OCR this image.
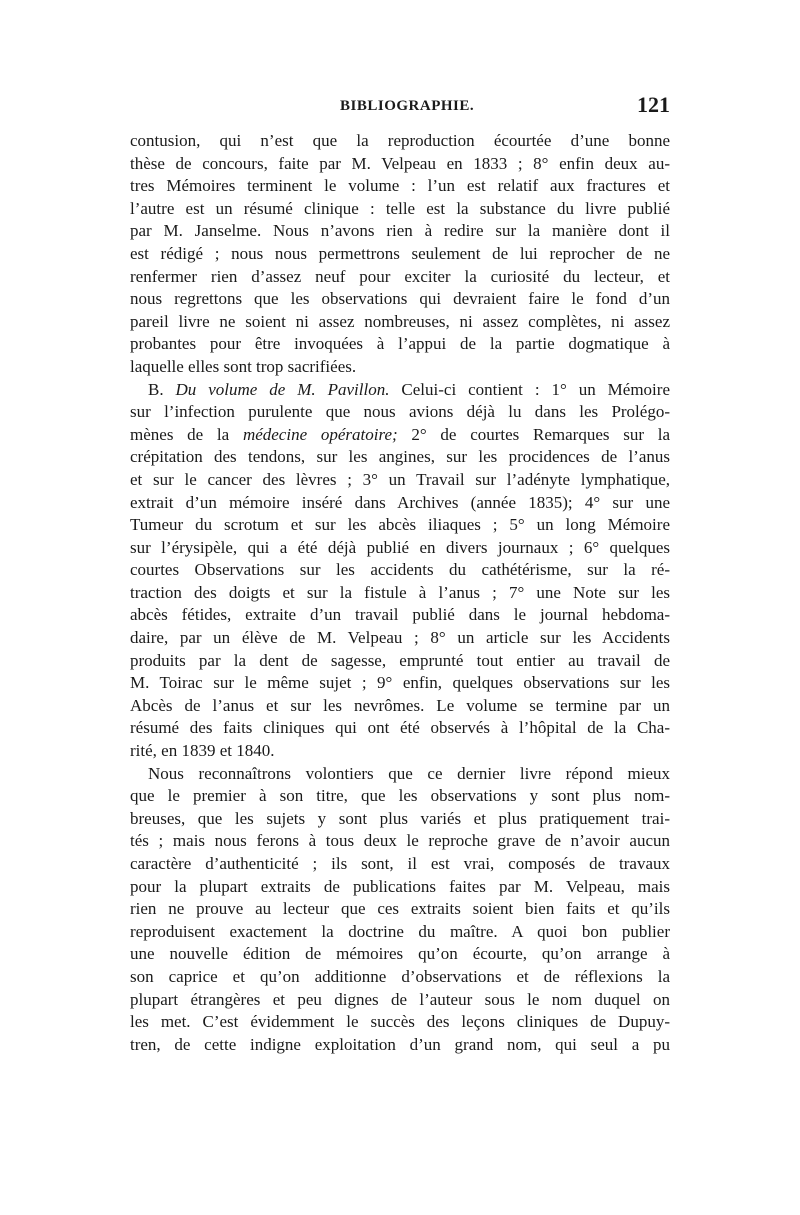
BIBLIOGRAPHIE.	121
contusion, qui n’est que la reproduction écourtée d’une bonne
thèse de concours, faite par M. Velpeau en 1833 ; 8° enfin deux au-
tres Mémoires terminent le volume : l’un est relatif aux fractures et
l’autre est un résumé clinique : telle est la substance du livre publié
par M. Janselme. Nous n’avons rien à redire sur la manière dont il
est rédigé ; nous nous permettrons seulement de lui reprocher de ne
renfermer rien d’assez neuf pour exciter la curiosité du lecteur, et
nous regrettons que les observations qui devraient faire le fond d’un
pareil livre ne soient ni assez nombreuses, ni assez complètes, ni assez
probantes pour être invoquées à l’appui de la partie dogmatique à
laquelle elles sont trop sacrifiées.
B. Du volume de M. Pavillon. Celui-ci contient : 1° un Mémoire
sur l’infection purulente que nous avions déjà lu dans les Prolégo-
mènes de la médecine opératoire; 2° de courtes Remarques sur la
crépitation des tendons, sur les angines, sur les procidences de l’anus
et sur le cancer des lèvres ; 3° un Travail sur l’adényte lymphatique,
extrait d’un mémoire inséré dans Archives (année 1835); 4° sur une
Tumeur du scrotum et sur les abcès iliaques ; 5° un long Mémoire
sur l’érysipèle, qui a été déjà publié en divers journaux ; 6° quelques
courtes Observations sur les accidents du cathétérisme, sur la ré-
traction des doigts et sur la fistule à l’anus ; 7° une Note sur les
abcès fétides, extraite d’un travail publié dans le journal hebdoma-
daire, par un élève de M. Velpeau ; 8° un article sur les Accidents
produits par la dent de sagesse, emprunté tout entier au travail de
M. Toirac sur le même sujet ; 9° enfin, quelques observations sur les
Abcès de l’anus et sur les nevrômes. Le volume se termine par un
résumé des faits cliniques qui ont été observés à l’hôpital de la Cha-
rité, en 1839 et 1840.
Nous reconnaîtrons volontiers que ce dernier livre répond mieux
que le premier à son titre, que les observations y sont plus nom-
breuses, que les sujets y sont plus variés et plus pratiquement trai-
tés ; mais nous ferons à tous deux le reproche grave de n’avoir aucun
caractère d’authenticité ; ils sont, il est vrai, composés de travaux
pour la plupart extraits de publications faites par M. Velpeau, mais
rien ne prouve au lecteur que ces extraits soient bien faits et qu’ils
reproduisent exactement la doctrine du maître. A quoi bon publier
une nouvelle édition de mémoires qu’on écourte, qu’on arrange à
son caprice et qu’on additionne d’observations et de réflexions la
plupart étrangères et peu dignes de l’auteur sous le nom duquel on
les met. C’est évidemment le succès des leçons cliniques de Dupuy-
tren, de cette indigne exploitation d’un grand nom, qui seul a pu
